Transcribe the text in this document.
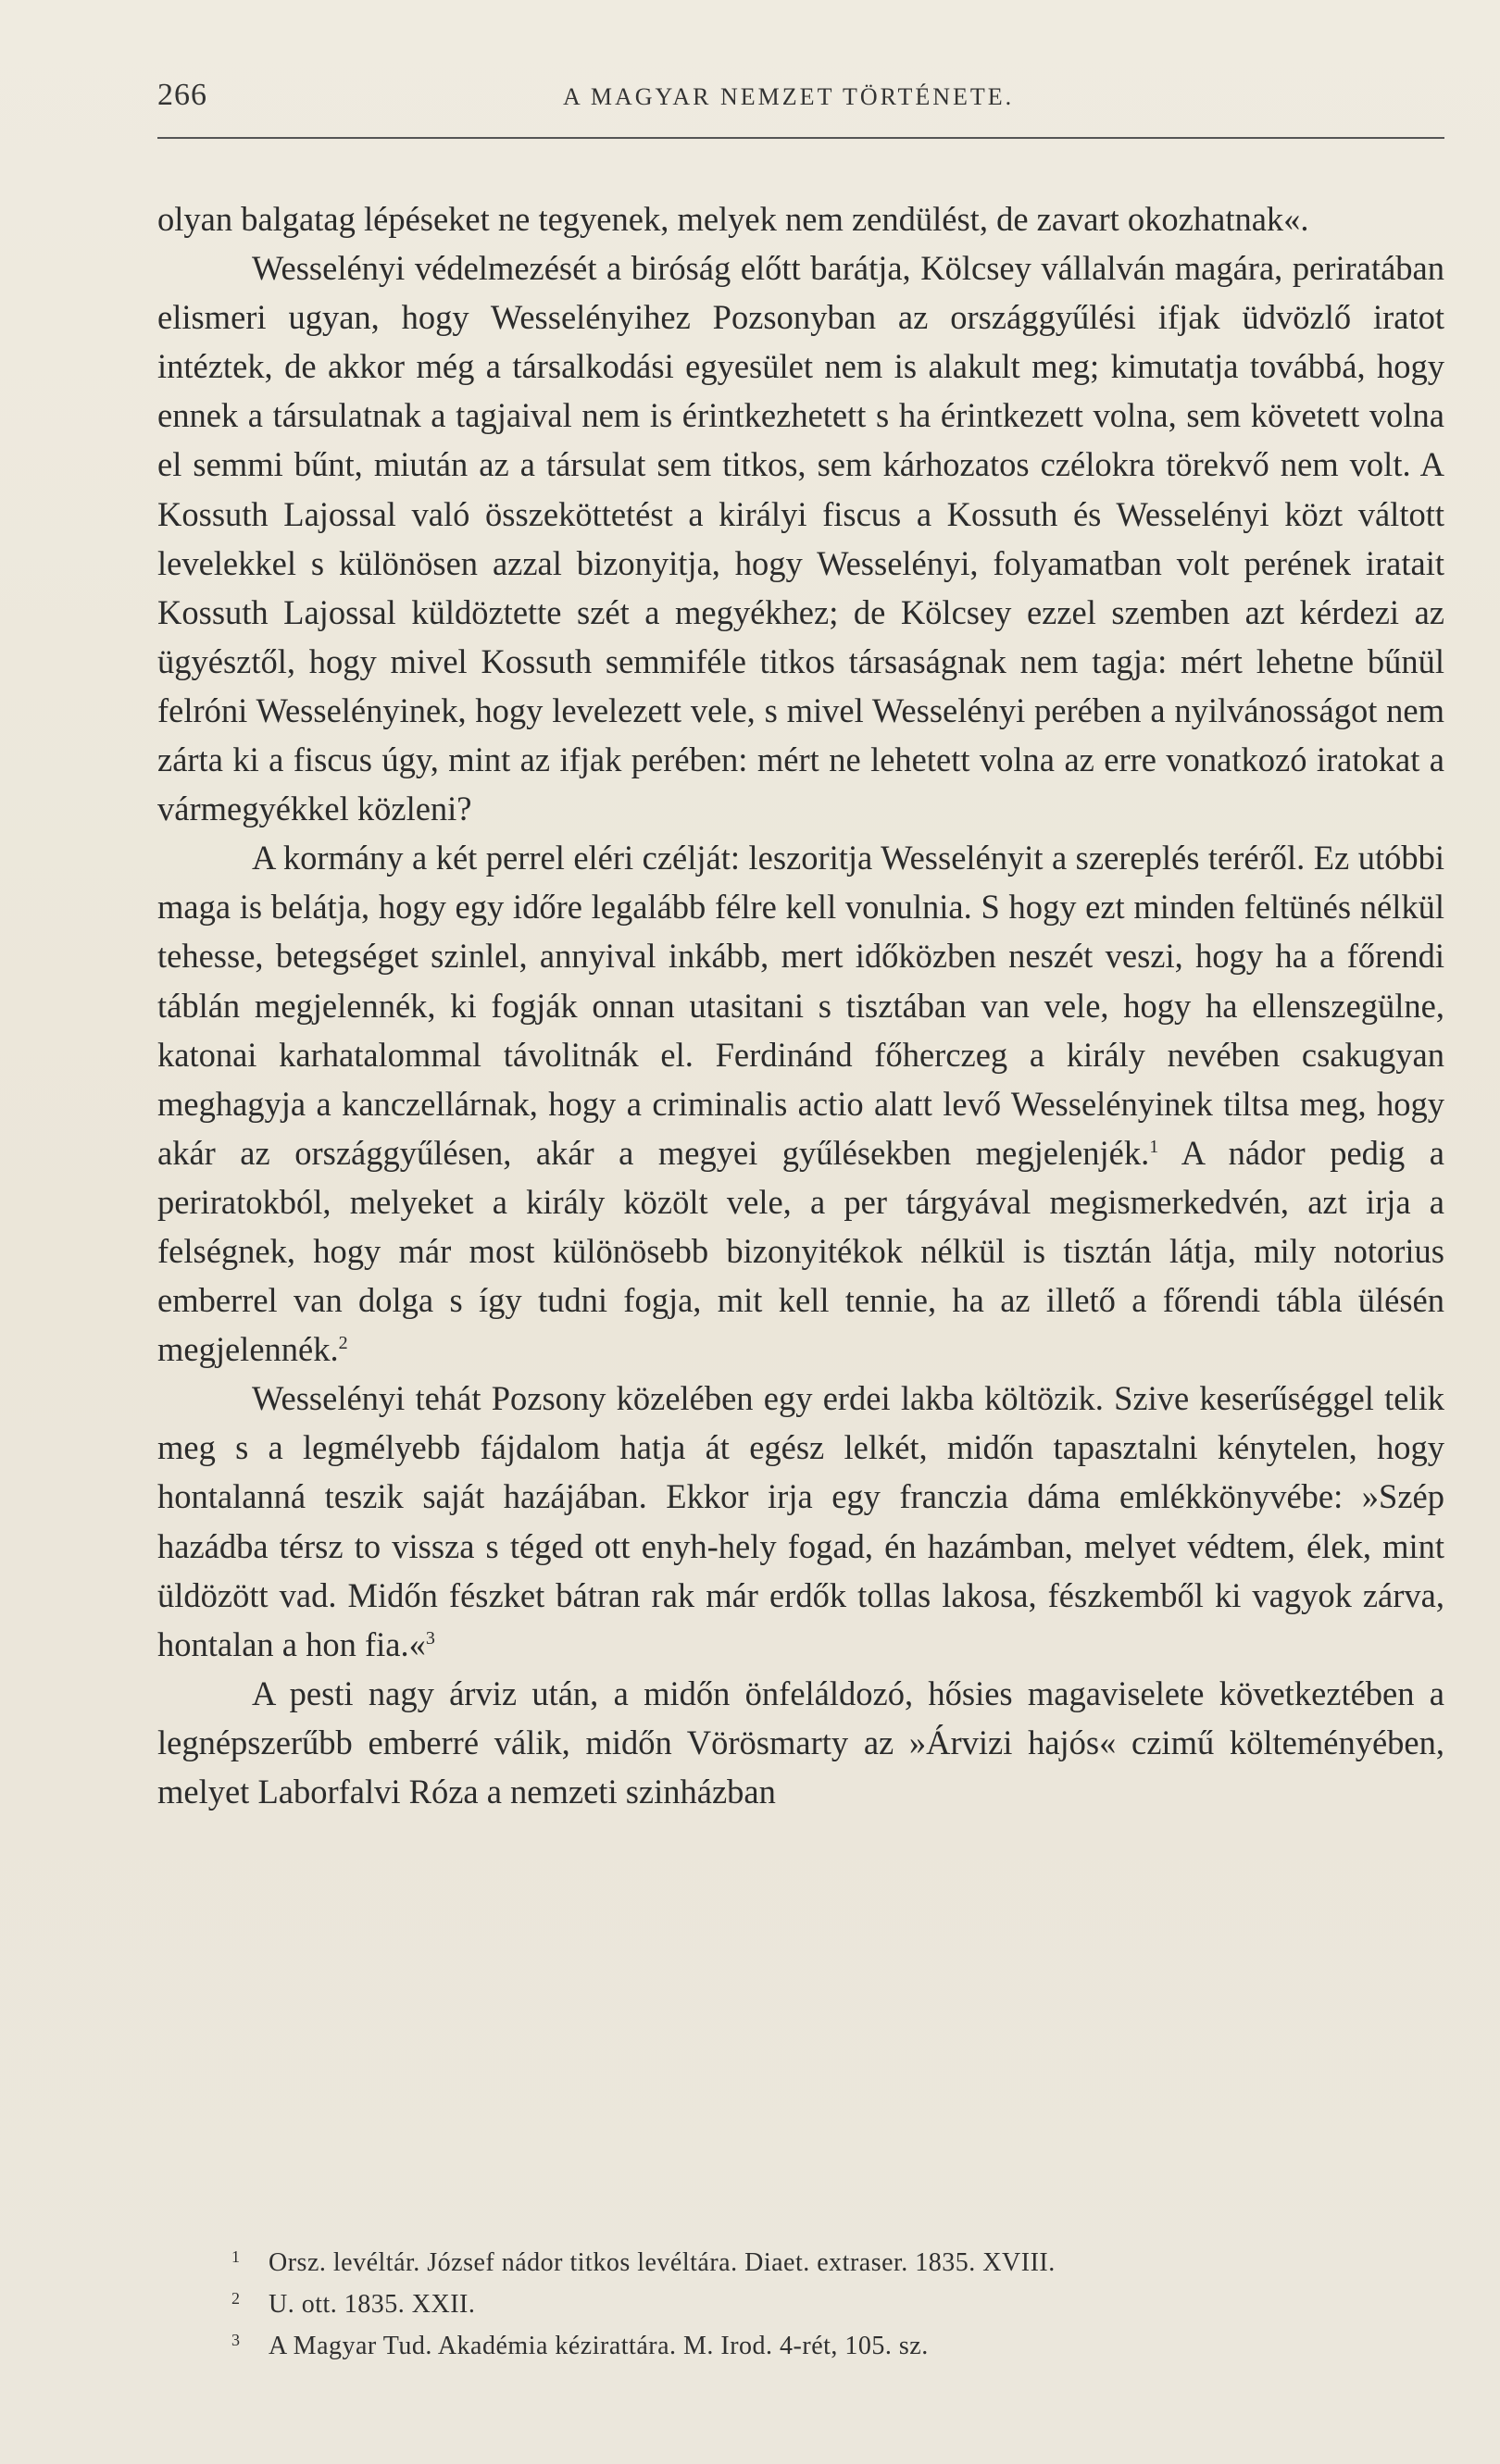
266	A MAGYAR NEMZET TÖRTÉNETE.

olyan balgatag lépéseket ne tegyenek, melyek nem zendülést, de zavart okozhatnak«.

Wesselényi védelmezését a biróság előtt barátja, Kölcsey vállalván magára, periratában elismeri ugyan, hogy Wesselényihez Pozsonyban az országgyűlési ifjak üdvözlő iratot intéztek, de akkor még a társalkodási egyesület nem is alakult meg; kimutatja továbbá, hogy ennek a társulatnak a tagjaival nem is érintkezhetett s ha érintkezett volna, sem követett volna el semmi bűnt, miután az a társulat sem titkos, sem kárhozatos czélokra törekvő nem volt. A Kossuth Lajossal való összeköttetést a királyi fiscus a Kossuth és Wesselényi közt váltott levelekkel s különösen azzal bizonyitja, hogy Wesselényi, folyamatban volt perének iratait Kossuth Lajossal küldöztette szét a megyékhez; de Kölcsey ezzel szemben azt kérdezi az ügyésztől, hogy mivel Kossuth semmiféle titkos társaságnak nem tagja: mért lehetne bűnül felróni Wesselényinek, hogy levelezett vele, s mivel Wesselényi perében a nyilvánosságot nem zárta ki a fiscus úgy, mint az ifjak perében: mért ne lehetett volna az erre vonatkozó iratokat a vármegyékkel közleni?

A kormány a két perrel eléri czélját: leszoritja Wesselényit a szereplés teréről. Ez utóbbi maga is belátja, hogy egy időre legalább félre kell vonulnia. S hogy ezt minden feltünés nélkül tehesse, betegséget szinlel, annyival inkább, mert időközben neszét veszi, hogy ha a főrendi táblán megjelennék, ki fogják onnan utasitani s tisztában van vele, hogy ha ellenszegülne, katonai karhatalommal távolitnák el. Ferdinánd főherczeg a király nevében csakugyan meghagyja a kanczellárnak, hogy a criminalis actio alatt levő Wesselényinek tiltsa meg, hogy akár az országgyűlésen, akár a megyei gyűlésekben megjelenjék.$^1$ A nádor pedig a periratokból, melyeket a király közölt vele, a per tárgyával megismerkedvén, azt irja a felségnek, hogy már most különösebb bizonyitékok nélkül is tisztán látja, mily notorius emberrel van dolga s így tudni fogja, mit kell tennie, ha az illető a főrendi tábla ülésén megjelennék.$^2$

Wesselényi tehát Pozsony közelében egy erdei lakba költözik. Szive keserűséggel telik meg s a legmélyebb fájdalom hatja át egész lelkét, midőn tapasztalni kénytelen, hogy hontalanná teszik saját hazájában. Ekkor irja egy franczia dáma emlékkönyvébe: »Szép hazádba térsz to vissza s téged ott enyh-hely fogad, én hazámban, melyet védtem, élek, mint üldözött vad. Midőn fészket bátran rak már erdők tollas lakosa, fészkemből ki vagyok zárva, hontalan a hon fia.«$^3$

A pesti nagy árviz után, a midőn önfeláldozó, hősies magaviselete következtében a legnépszerűbb emberré válik, midőn Vörösmarty az »Árvizi hajós« czimű költeményében, melyet Laborfalvi Róza a nemzeti szinházban

1 Orsz. levéltár. József nádor titkos levéltára. Diaet. extraser. 1835. XVIII.
2 U. ott. 1835. XXII.
3 A Magyar Tud. Akadémia kézirattára. M. Irod. 4-rét, 105. sz.
